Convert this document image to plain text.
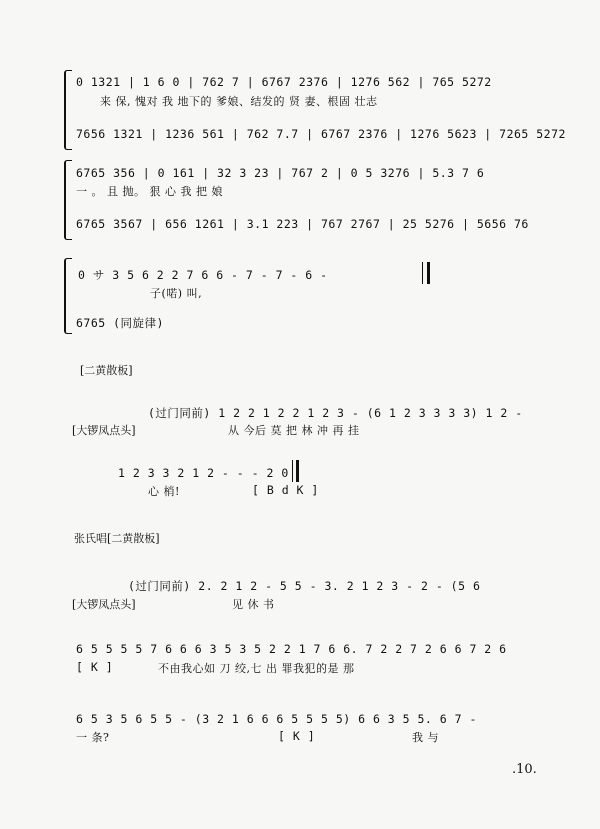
0 1321 | 1 6 0 | 762 7 | 6767 2376 | 1276 562 | 765 5272
来 保, 愧对 我 地下的 爹娘、结发的 贤 妻、根固 壮志
7656 1321 | 1236 561 | 762 7.7 | 6767 2376 | 1276 5623 | 7265 5272
6765 356 | 0 161 | 32 3 23 | 767 2 | 0 5 3276 | 5.3 7 6
一 。 且 抛。 狠 心 我 把 娘
6765 3567 | 656 1261 | 3.1 223 | 767 2767 | 25 5276 | 5656 76
0 サ 3 5 6 2 2 7 6 6 - 7 - 7 - 6 -
子(喏) 叫,
6765 (同旋律)
[二黄散板]
(过门同前) 1 2 2 1 2 2 1 2 3 - (6 1 2 3 3 3 3) 1 2 -
[大锣凤点头]	从 今后 莫 把 林 冲 再 挂
1 2 3 3 2 1 2 - - - 2 0
心 梢!	[ B d K ]
张氏唱[二黄散板]
(过门同前) 2. 2 1 2 - 5 5 - 3. 2 1 2 3 - 2 - (5 6
[大锣凤点头]	见 休 书
6 5 5 5 5 7 6 6 6 3 5 3 5 2 2 1 7 6 6. 7 2 2 7 2 6 6 7 2 6
[ K ]	不由我心如 刀 绞,七 出 罪我犯的是 那
6 5 3 5 6 5 5 - (3 2 1 6 6 6 5 5 5 5) 6 6 3 5 5. 6 7 -
一 条?	[ K ]	我 与
.10.
